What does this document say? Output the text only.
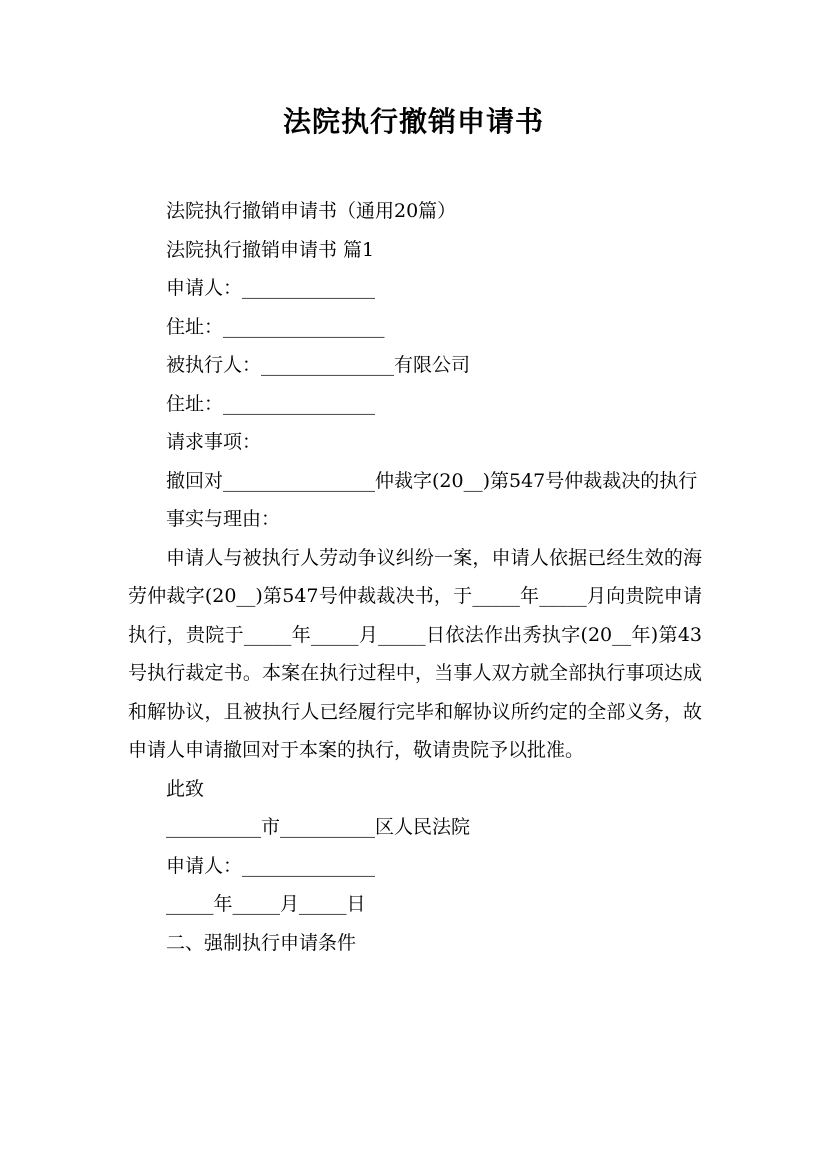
法院执行撤销申请书

法院执行撤销申请书（通用20篇）

法院执行撤销申请书 篇1

申请人：______________

住址：_________________

被执行人：______________有限公司

住址：________________

请求事项：

撤回对________________仲裁字(20__)第547号仲裁裁决的执行

事实与理由：

申请人与被执行人劳动争议纠纷一案，申请人依据已经生效的海劳仲裁字(20__)第547号仲裁裁决书，于_____年_____月向贵院申请执行，贵院于_____年_____月_____日依法作出秀执字(20__年)第43号执行裁定书。本案在执行过程中，当事人双方就全部执行事项达成和解协议，且被执行人已经履行完毕和解协议所约定的全部义务，故申请人申请撤回对于本案的执行，敬请贵院予以批准。

此致

__________市__________区人民法院

申请人：______________

_____年_____月_____日

二、强制执行申请条件
